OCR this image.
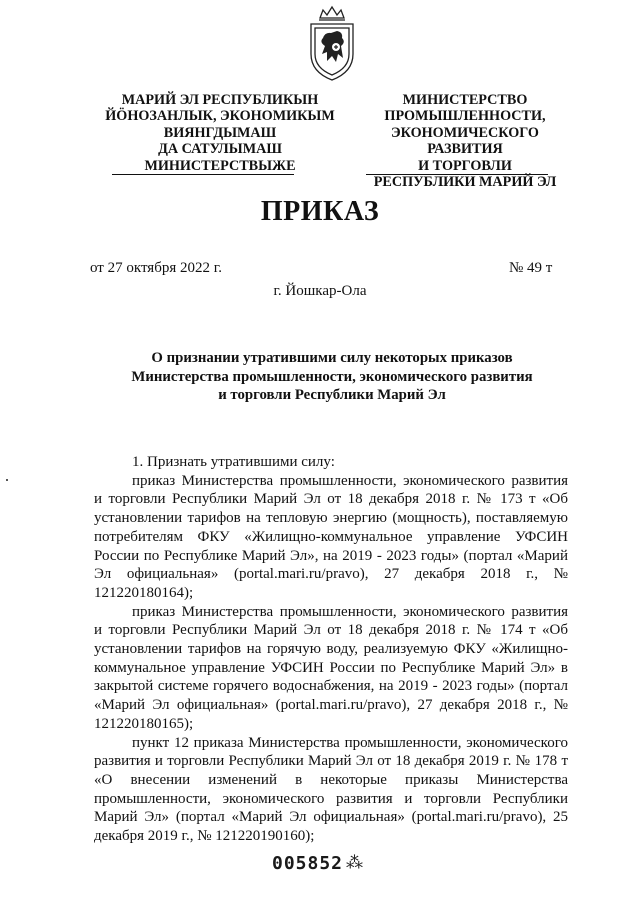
МАРИЙ ЭЛ РЕСПУБЛИКЫН
ЙӦНОЗАНЛЫК, ЭКОНОМИКЫМ
ВИЯНГДЫМАШ
ДА САТУЛЫМАШ
МИНИСТЕРСТВЫЖЕ
МИНИСТЕРСТВО
ПРОМЫШЛЕННОСТИ,
ЭКОНОМИЧЕСКОГО РАЗВИТИЯ
И ТОРГОВЛИ
РЕСПУБЛИКИ МАРИЙ ЭЛ
ПРИКАЗ
от 27 октября 2022 г.	№ 49 т
г. Йошкар-Ола
О признании утратившими силу некоторых приказов
Министерства промышленности, экономического развития
и торговли Республики Марий Эл

1. Признать утратившими силу:

приказ Министерства промышленности, экономического развития и торговли Республики Марий Эл от 18 декабря 2018 г. № 173 т «Об установлении тарифов на тепловую энергию (мощность), поставляемую потребителям ФКУ «Жилищно-коммунальное управление УФСИН России по Республике Марий Эл», на 2019 - 2023 годы» (портал «Марий Эл официальная» (portal.mari.ru/pravo), 27 декабря 2018 г., № 121220180164);

приказ Министерства промышленности, экономического развития и торговли Республики Марий Эл от 18 декабря 2018 г. № 174 т «Об установлении тарифов на горячую воду, реализуемую ФКУ «Жилищно-коммунальное управление УФСИН России по Республике Марий Эл» в закрытой системе горячего водоснабжения, на 2019 - 2023 годы» (портал «Марий Эл официальная» (portal.mari.ru/pravo), 27 декабря 2018 г., № 121220180165);

пункт 12 приказа Министерства промышленности, экономического развития и торговли Республики Марий Эл от 18 декабря 2019 г. № 178 т «О внесении изменений в некоторые приказы Министерства промышленности, экономического развития и торговли Республики Марий Эл» (портал «Марий Эл официальная» (portal.mari.ru/pravo), 25 декабря 2019 г., № 121220190160);

005852 ⁂
